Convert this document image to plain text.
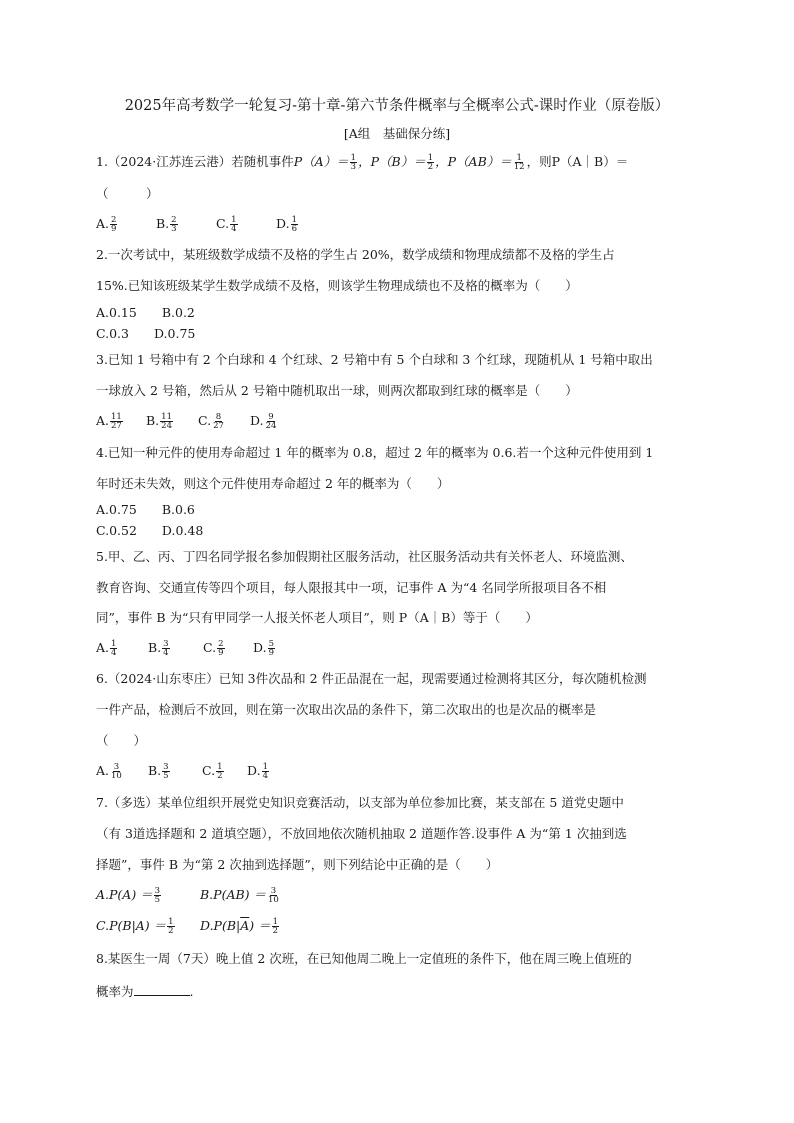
2025年高考数学一轮复习-第十章-第六节条件概率与全概率公式-课时作业（原卷版）
[A组　基础保分练]
1.（2024·江苏连云港）若随机事件$P(A)= \frac{1}{3}$ ，$P(B)= \frac{1}{2}$ ，$P(AB)= \frac{1}{12}$ ，则P（A｜B）＝
（　　　）
A. $\frac{2}{9}$	B. $\frac{2}{3}$	C. $\frac{1}{4}$	D. $\frac{1}{6}$
2.一次考试中，某班级数学成绩不及格的学生占 20%，数学成绩和物理成绩都不及格的学生占
15%.已知该班级某学生数学成绩不及格，则该学生物理成绩也不及格的概率为（　　）
A.0.15　　B.0.2
C.0.3　　D.0.75
3.已知 1 号箱中有 2 个白球和 4 个红球、2 号箱中有 5 个白球和 3 个红球，现随机从 1 号箱中取出
一球放入 2 号箱，然后从 2 号箱中随机取出一球，则两次都取到红球的概率是（　　）
A. $\frac{11}{27} B$. $\frac{11}{24} C$. $\frac{8}{27} D$. $\frac{9}{24}$
4.已知一种元件的使用寿命超过 1 年的概率为 0.8，超过 2 年的概率为 0.6.若一个这种元件使用到 1
年时还未失效，则这个元件使用寿命超过 2 年的概率为（　　）
A.0.75　　B.0.6
C.0.52　　D.0.48
5.甲、乙、丙、丁四名同学报名参加假期社区服务活动，社区服务活动共有关怀老人、环境监测、
教育咨询、交通宣传等四个项目，每人限报其中一项，记事件 A 为“4 名同学所报项目各不相
同”，事件 B 为“只有甲同学一人报关怀老人项目”，则 P（A｜B）等于（　　）
A. $\frac{1}{4} B$. $\frac{3}{4}$	C. $\frac{2}{9} D$. $\frac{5}{9}$
6.（2024·山东枣庄）已知 3件次品和 2 件正品混在一起，现需要通过检测将其区分，每次随机检测
一件产品，检测后不放回，则在第一次取出次品的条件下，第二次取出的也是次品的概率是
（　　）
A. $\frac{3}{10} B$. $\frac{3}{5}$	C. $\frac{1}{2} D$. $\frac{1}{4}$
7.（多选）某单位组织开展党史知识竞赛活动，以支部为单位参加比赛，某支部在 5 道党史题中
（有 3道选择题和 2 道填空题），不放回地依次随机抽取 2 道题作答.设事件 A 为“第 1 次抽到选
择题”，事件 B 为“第 2 次抽到选择题”，则下列结论中正确的是（　　）
$A.P(A) = \frac{3}{5}$	$B.P(AB) = \frac{3}{10}$
$C.P(B|A) = \frac{1}{2} D.P(B|\overline{A}) = \frac{1}{2}$
8.某医生一周（7天）晚上值 2 次班，在已知他周二晚上一定值班的条件下，他在周三晚上值班的
概率为	.
